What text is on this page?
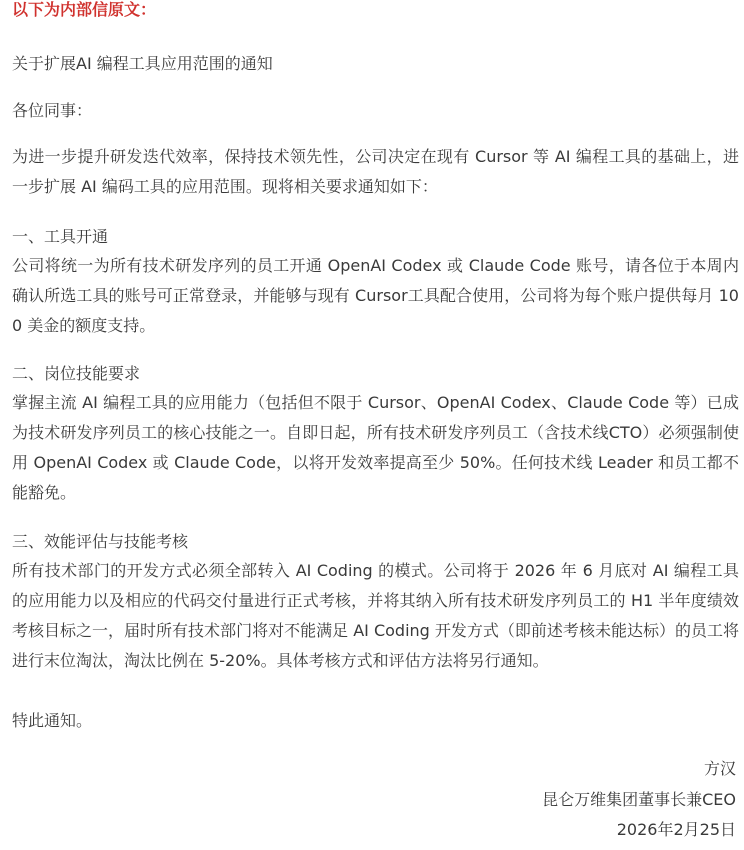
以下为内部信原文：
关于扩展AI 编程工具应用范围的通知
各位同事：
为进一步提升研发迭代效率，保持技术领先性，公司决定在现有 Cursor 等 AI 编程工具的基础上，进一步扩展 AI 编码工具的应用范围。现将相关要求通知如下：
一、工具开通
公司将统一为所有技术研发序列的员工开通 OpenAI Codex 或 Claude Code 账号，请各位于本周内确认所选工具的账号可正常登录，并能够与现有 Cursor工具配合使用，公司将为每个账户提供每月 100 美金的额度支持。
二、岗位技能要求
掌握主流 AI 编程工具的应用能力（包括但不限于 Cursor、OpenAI Codex、Claude Code 等）已成为技术研发序列员工的核心技能之一。自即日起，所有技术研发序列员工（含技术线CTO）必须强制使用 OpenAI Codex 或 Claude Code，以将开发效率提高至少 50%。任何技术线 Leader 和员工都不能豁免。
三、效能评估与技能考核
所有技术部门的开发方式必须全部转入 AI Coding 的模式。公司将于 2026 年 6 月底对 AI 编程工具的应用能力以及相应的代码交付量进行正式考核，并将其纳入所有技术研发序列员工的 H1 半年度绩效考核目标之一，届时所有技术部门将对不能满足 AI Coding 开发方式（即前述考核未能达标）的员工将进行末位淘汰，淘汰比例在 5-20%。具体考核方式和评估方法将另行通知。
特此通知。
方汉
昆仑万维集团董事长兼CEO
2026年2月25日
